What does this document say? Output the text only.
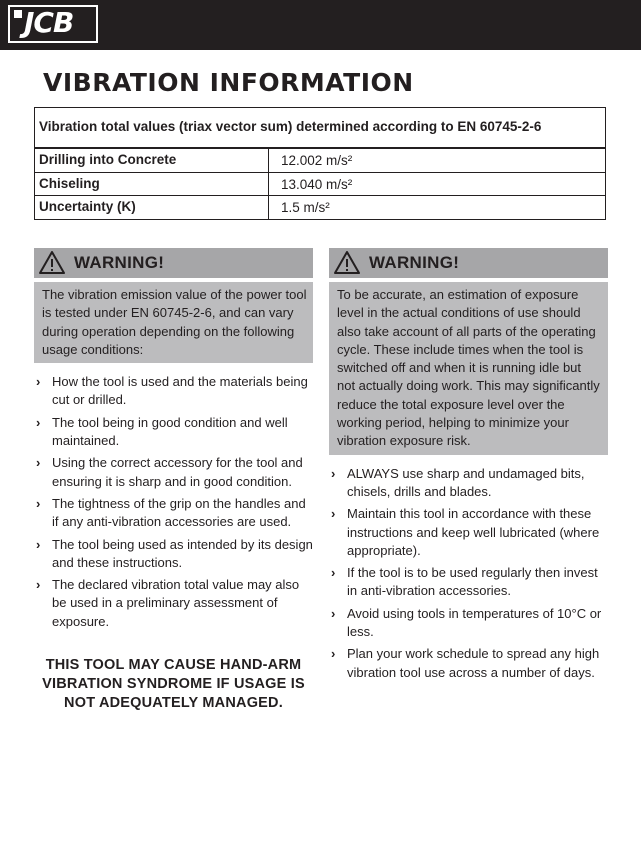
JCB
VIBRATION INFORMATION
Vibration total values (triax vector sum) determined according to EN 60745-2-6
Drilling into Concrete	12.002 m/s²
Chiseling	13.040 m/s²
Uncertainty (K)	1.5 m/s²
WARNING!
The vibration emission value of the power tool is tested under EN 60745-2-6, and can vary during operation depending on the following usage conditions:
› How the tool is used and the materials being cut or drilled.
› The tool being in good condition and well maintained.
› Using the correct accessory for the tool and ensuring it is sharp and in good condition.
› The tightness of the grip on the handles and if any anti-vibration accessories are used.
› The tool being used as intended by its design and these instructions.
› The declared vibration total value may also be used in a preliminary assessment of exposure.
WARNING!
To be accurate, an estimation of exposure level in the actual conditions of use should also take account of all parts of the operating cycle. These include times when the tool is switched off and when it is running idle but not actually doing work. This may significantly reduce the total exposure level over the working period, helping to minimize your vibration exposure risk.
› ALWAYS use sharp and undamaged bits, chisels, drills and blades.
› Maintain this tool in accordance with these instructions and keep well lubricated (where appropriate).
› If the tool is to be used regularly then invest in anti-vibration accessories.
› Avoid using tools in temperatures of 10°C or less.
› Plan your work schedule to spread any high vibration tool use across a number of days.
THIS TOOL MAY CAUSE HAND-ARM VIBRATION SYNDROME IF USAGE IS NOT ADEQUATELY MANAGED.
